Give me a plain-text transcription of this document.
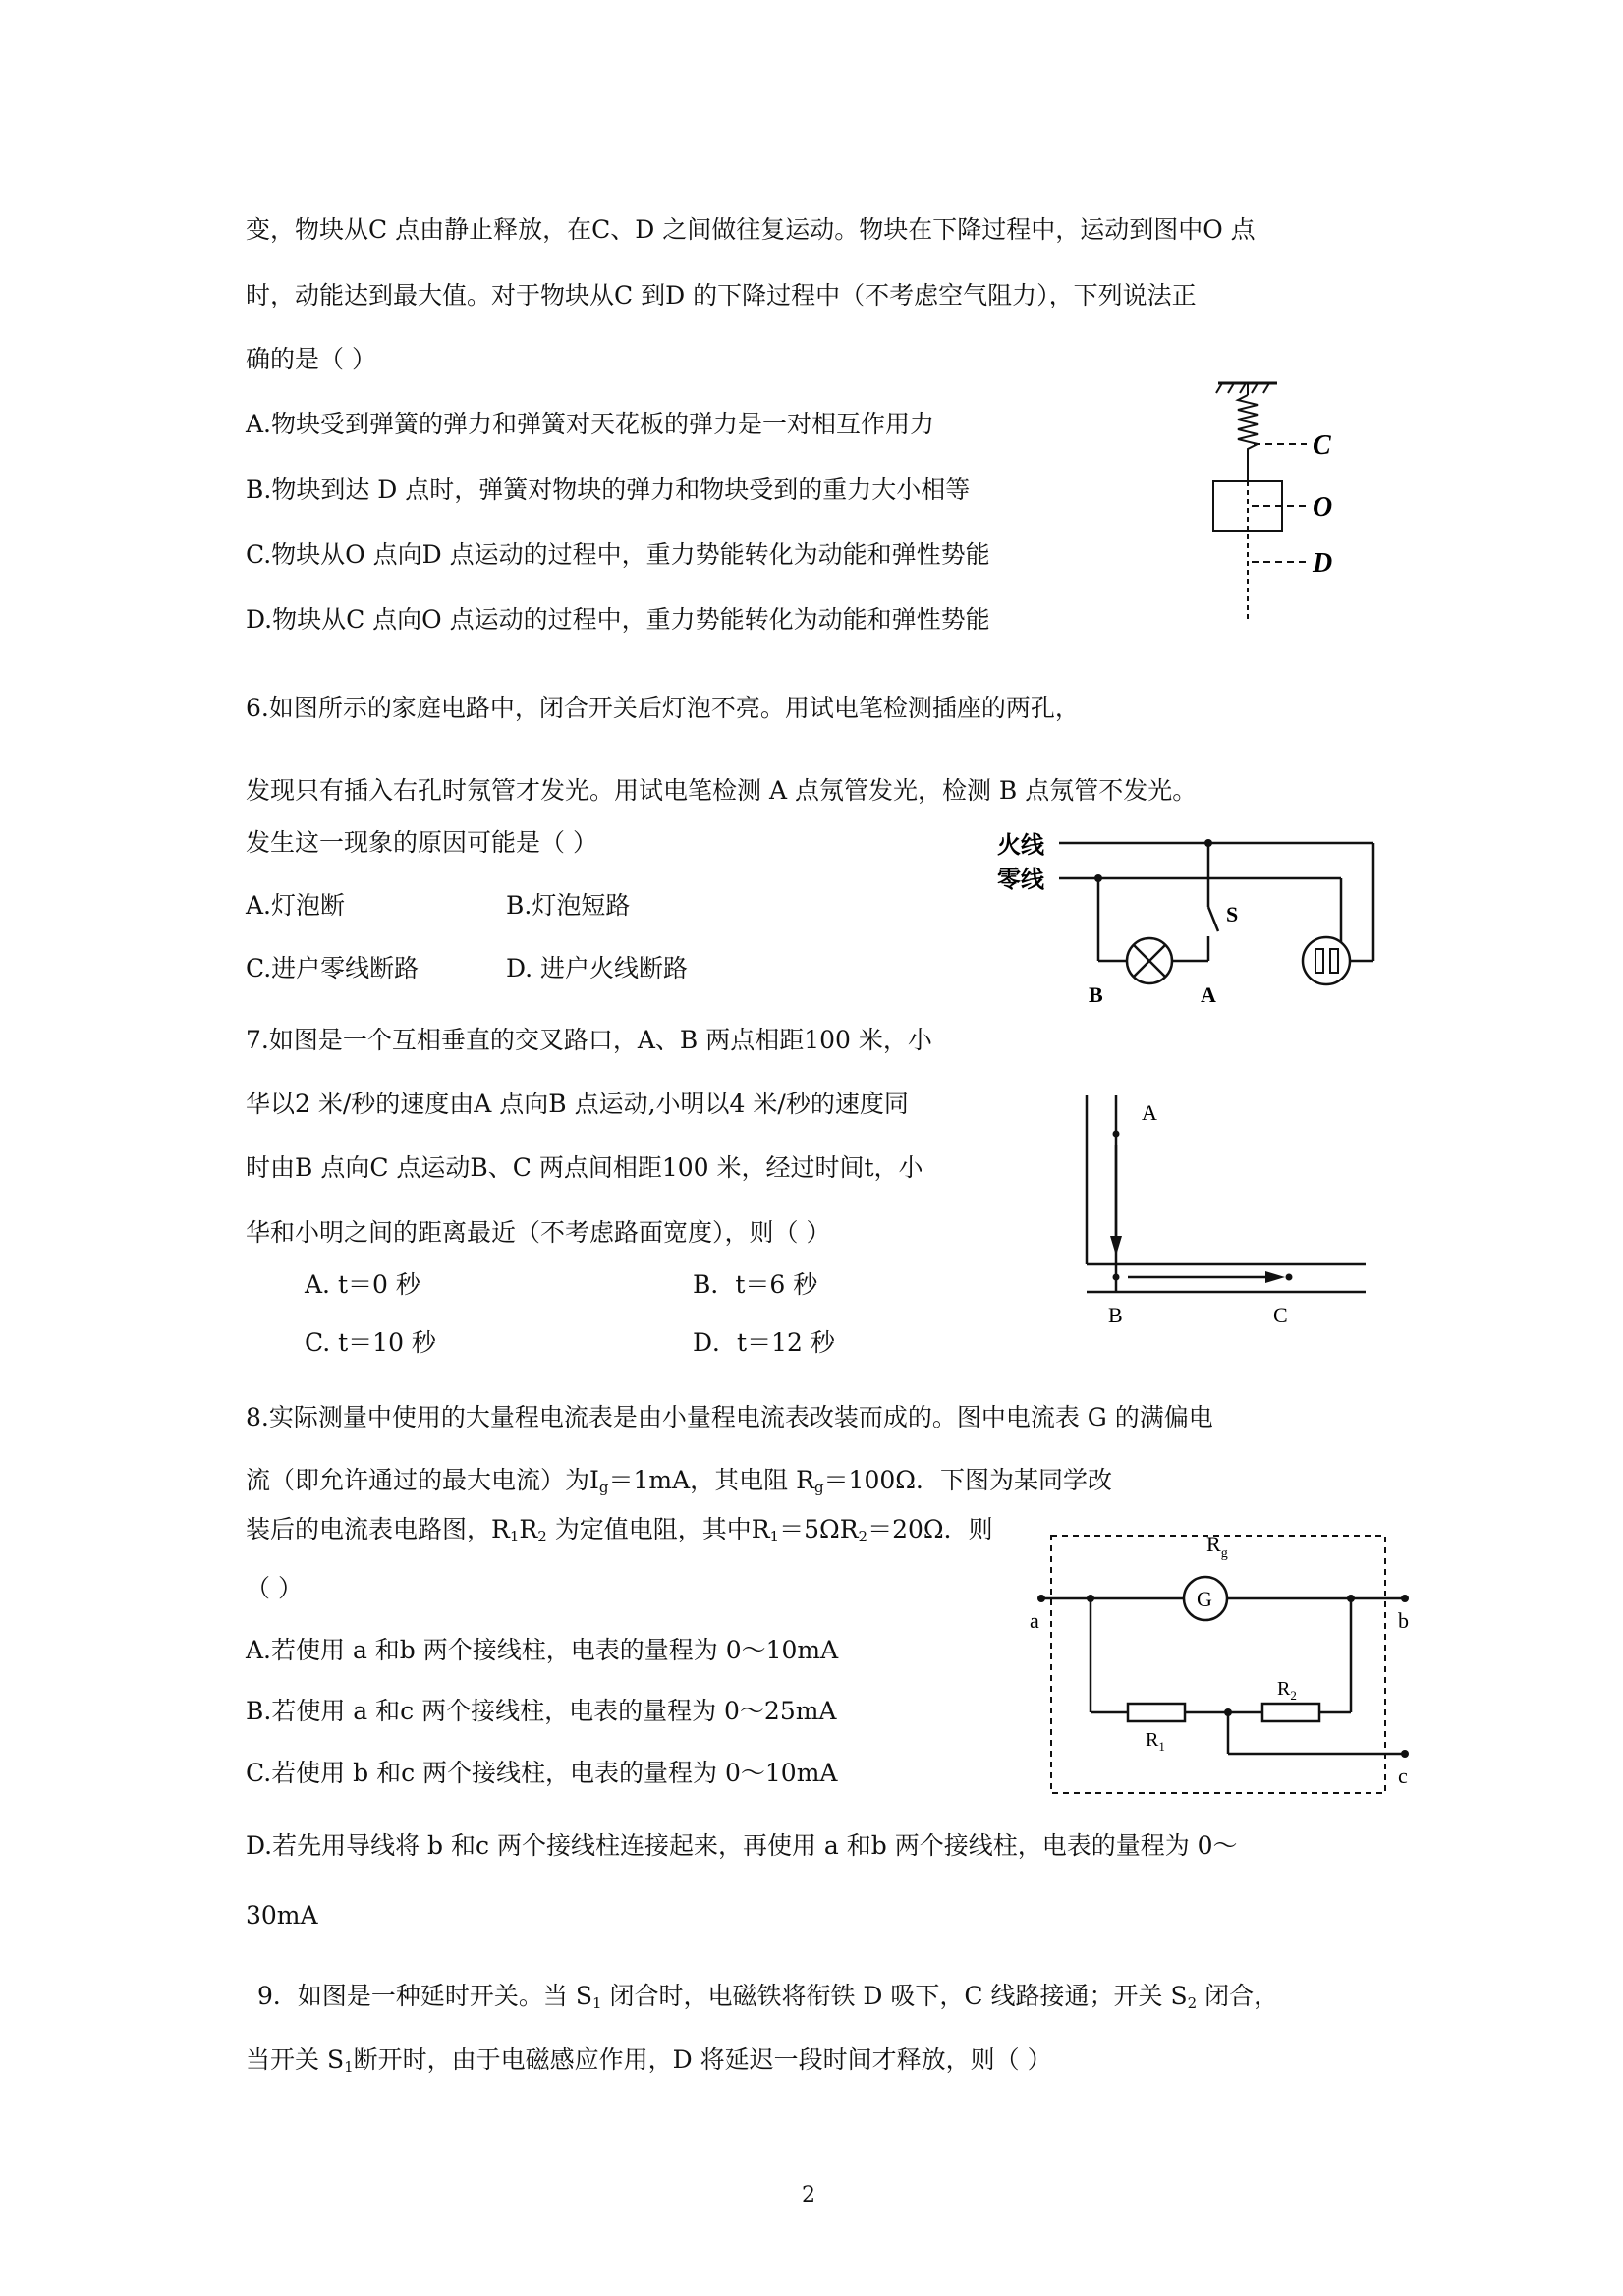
变，物块从C 点由静止释放，在C、D 之间做往复运动。物块在下降过程中，运动到图中O 点
时，动能达到最大值。对于物块从C 到D 的下降过程中（不考虑空气阻力），下列说法正
确的是（ ）
A.物块受到弹簧的弹力和弹簧对天花板的弹力是一对相互作用力
B.物块到达 D 点时，弹簧对物块的弹力和物块受到的重力大小相等
C.物块从O 点向D 点运动的过程中，重力势能转化为动能和弹性势能
D.物块从C 点向O 点运动的过程中，重力势能转化为动能和弹性势能
C
O
D
6.如图所示的家庭电路中，闭合开关后灯泡不亮。用试电笔检测插座的两孔，
发现只有插入右孔时氖管才发光。用试电笔检测 A 点氖管发光，检测 B 点氖管不发光。
发生这一现象的原因可能是（ ）
A.灯泡断	B.灯泡短路
C.进户零线断路	D. 进户火线断路
火线
零线
S
B	A
7.如图是一个互相垂直的交叉路口，A、B 两点相距100 米，小
华以2 米/秒的速度由A 点向B 点运动,小明以4 米/秒的速度同
时由B 点向C 点运动B、C 两点间相距100 米，经过时间t，小
华和小明之间的距离最近（不考虑路面宽度），则（ ）
A. t＝0 秒	B．t＝6 秒
C. t＝10 秒	D．t＝12 秒
A
B	C
8.实际测量中使用的大量程电流表是由小量程电流表改装而成的。图中电流表 G 的满偏电
流（即允许通过的最大电流）为$I_g=1mA$，其电阻 $R_g=100\Omega$．下图为某同学改
装后的电流表电路图，$R_1R_2$ 为定值电阻，其中$R_1=5\Omega R_2=20\Omega$．则
（ ）
A.若使用 a 和b 两个接线柱，电表的量程为 0～10mA
B.若使用 a 和c 两个接线柱，电表的量程为 0～25mA
C.若使用 b 和c 两个接线柱，电表的量程为 0～10mA
D.若先用导线将 b 和c 两个接线柱连接起来，再使用 a 和b 两个接线柱，电表的量程为 0～
30mA
$R_g$
a
G
b
$R_1$
$R_2$
c
9．如图是一种延时开关。当 $S_1$ 闭合时，电磁铁将衔铁 D 吸下，C 线路接通；开关 $S_2$ 闭合，
当开关 $S_1$断开时，由于电磁感应作用，D 将延迟一段时间才释放，则（ ）
2
